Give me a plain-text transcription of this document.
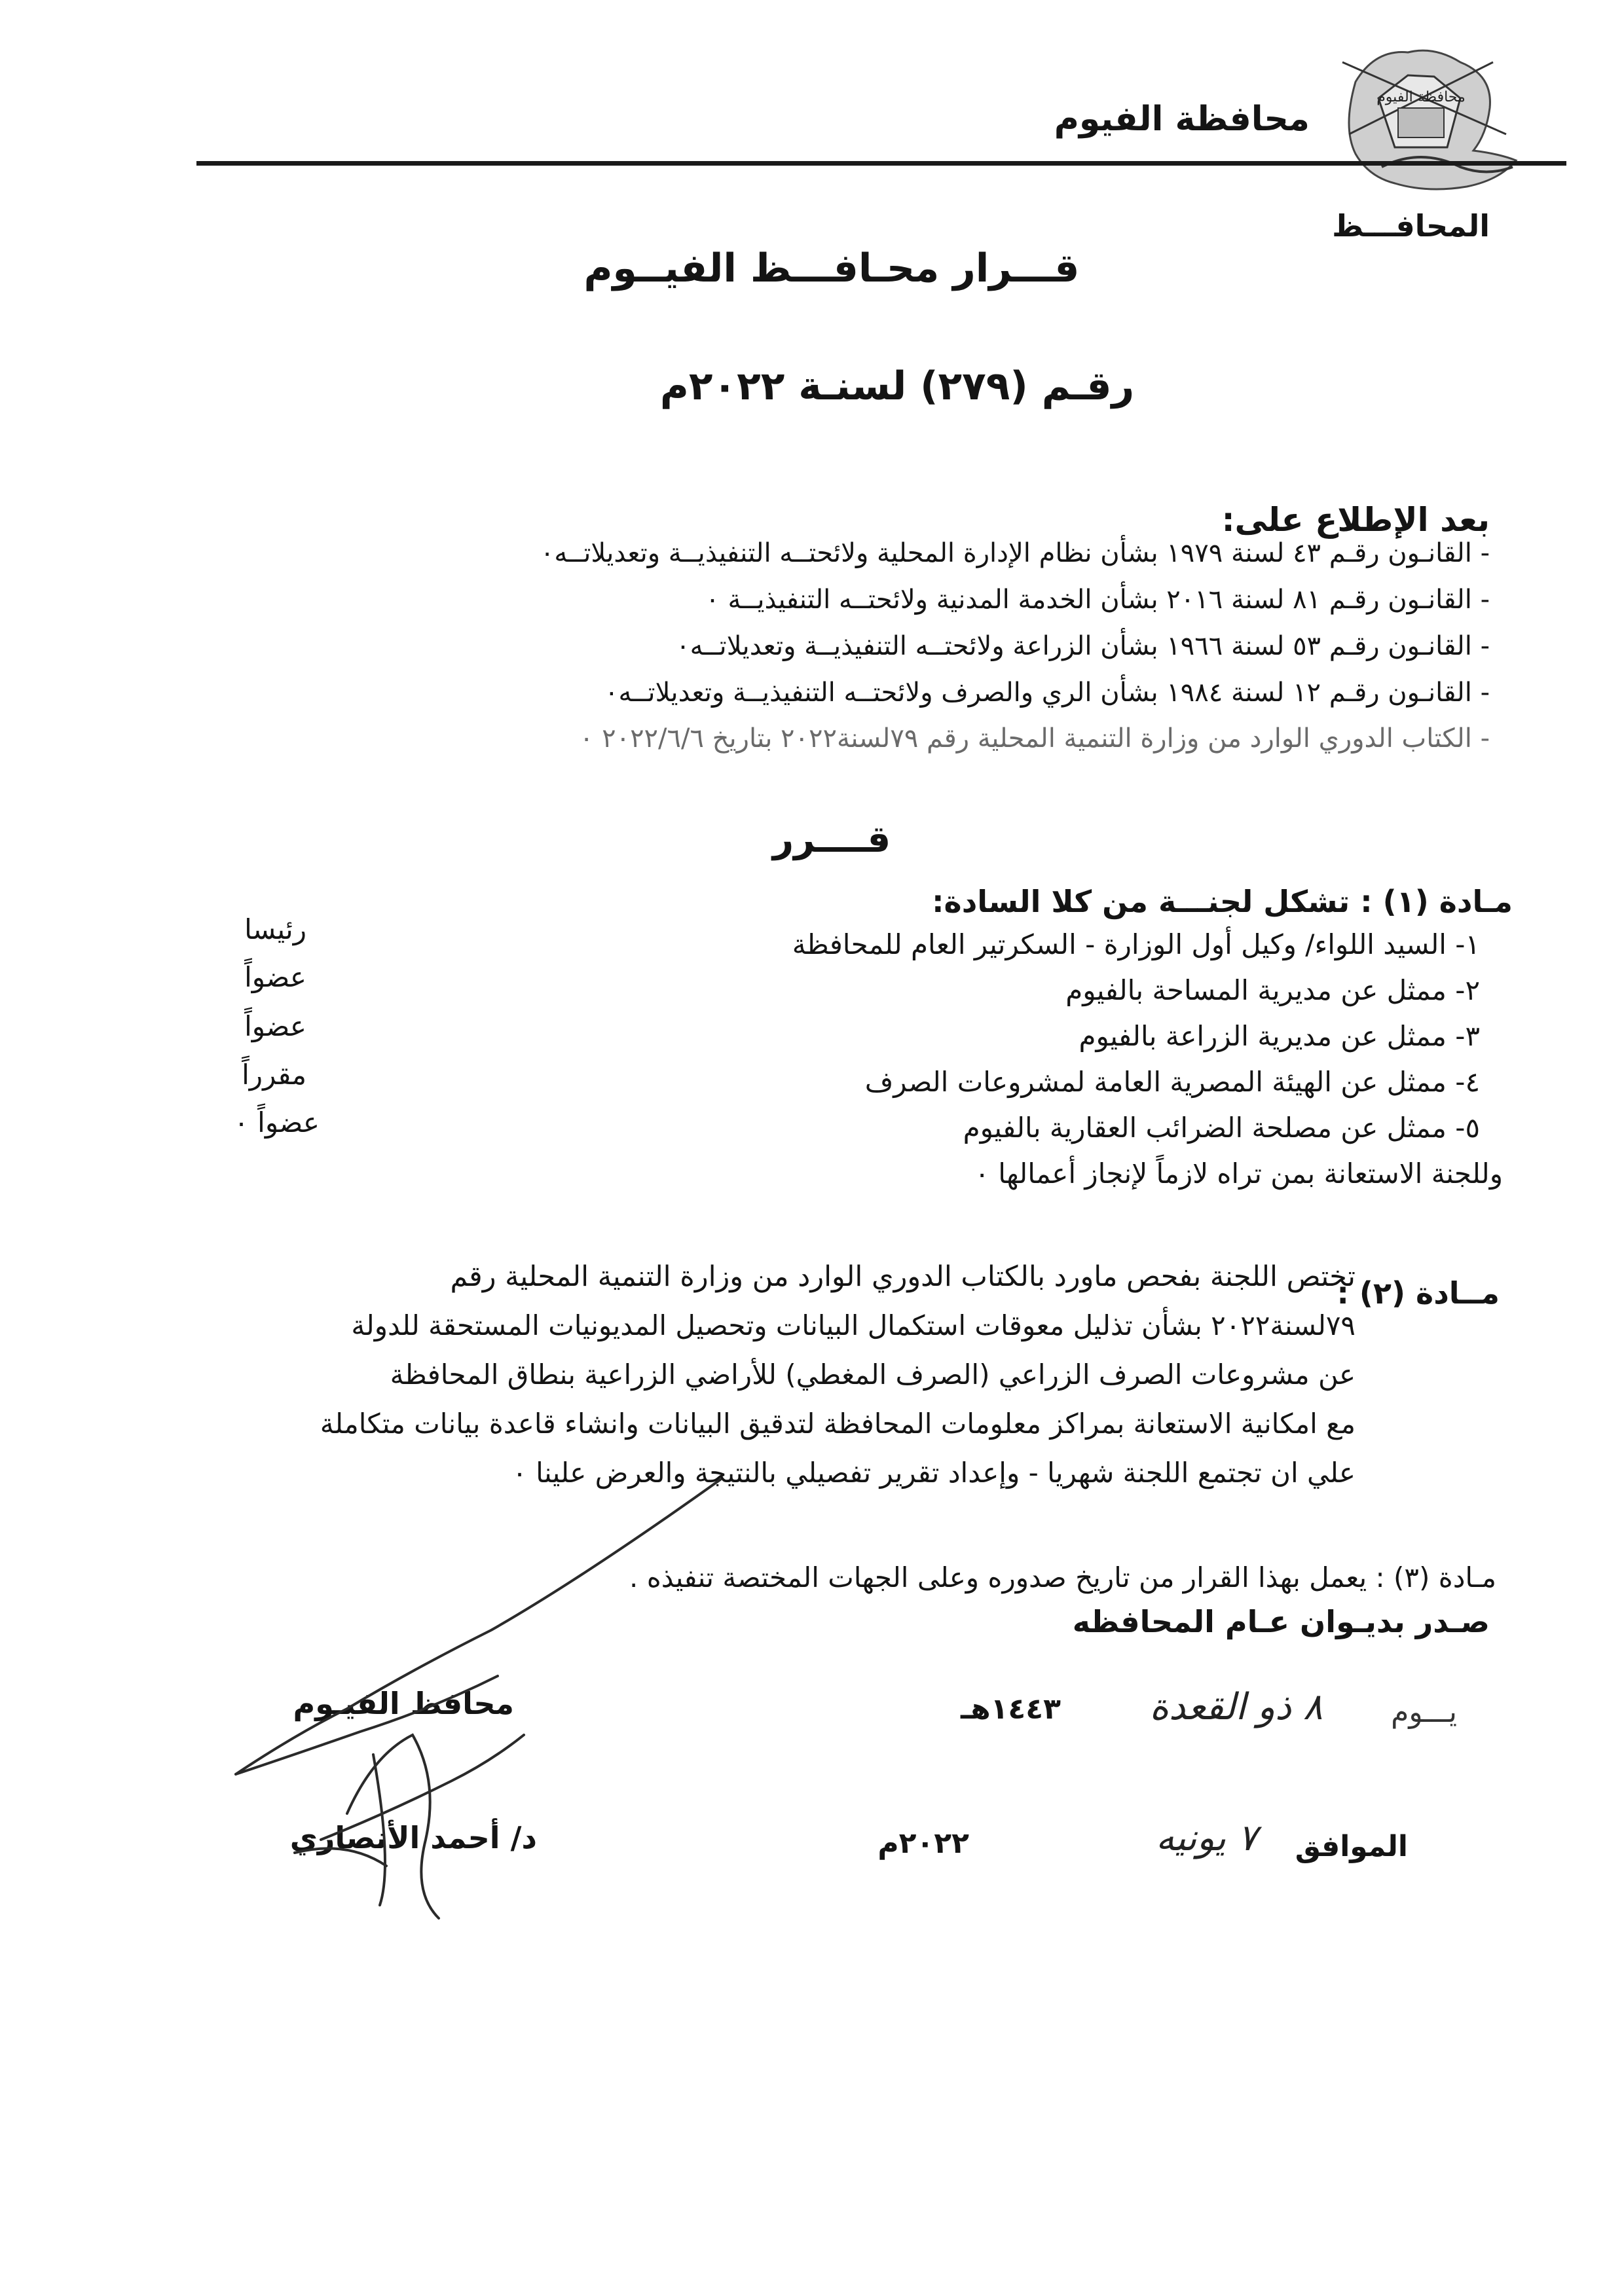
محافظة الفيوم
محافظة الفيوم
المحافـــظ
قـــرار محـافـــظ الفيــوم
رقـم (٢٧٩) لسنـة ٢٠٢٢م
بعد الإطلاع على:
- القانـون رقـم ٤٣ لسنة ١٩٧٩ بشأن نظام الإدارة المحلية ولائحتــه التنفيذيــة وتعديلاتــه٠
- القانـون رقـم ٨١ لسنة ٢٠١٦ بشأن الخدمة المدنية ولائحتــه التنفيذيــة ٠
- القانـون رقـم ٥٣ لسنة ١٩٦٦ بشأن الزراعة ولائحتــه التنفيذيــة وتعديلاتــه٠
- القانـون رقـم ١٢ لسنة ١٩٨٤ بشأن الري والصرف ولائحتــه التنفيذيــة وتعديلاتــه٠
- الكتاب الدوري الوارد من وزارة التنمية المحلية رقم ٧٩لسنة٢٠٢٢ بتاريخ ٢٠٢٢/٦/٦ ٠
قــــرر
مـادة (١) : تشكل لجنـــة من كلا السادة:
١- السيد اللواء/ وكيل أول الوزارة - السكرتير العام للمحافظة
رئيسا
٢- ممثل عن مديرية المساحة بالفيوم
عضواً
٣- ممثل عن مديرية الزراعة بالفيوم
عضواً
٤- ممثل عن الهيئة المصرية العامة لمشروعات الصرف
مقرراً
٥- ممثل عن مصلحة الضرائب العقارية بالفيوم
عضواً ٠
وللجنة الاستعانة بمن تراه لازماً لإنجاز أعمالها ٠
مــادة (٢) :
تختص اللجنة بفحص ماورد بالكتاب الدوري الوارد من وزارة التنمية المحلية رقم
٧٩لسنة٢٠٢٢ بشأن تذليل معوقات استكمال البيانات وتحصيل المديونيات المستحقة للدولة
عن مشروعات الصرف الزراعي (الصرف المغطي) للأراضي الزراعية بنطاق المحافظة
مع امكانية الاستعانة بمراكز معلومات المحافظة لتدقيق البيانات وانشاء قاعدة بيانات متكاملة
علي ان تجتمع اللجنة شهريا - وإعداد تقرير تفصيلي بالنتيجة والعرض علينا ٠
مـادة (٣) : يعمل بهذا القرار من تاريخ صدوره وعلى الجهات المختصة تنفيذه .
صـدر بديـوان عـام المحافظه
يـــوم
٨ ذو القعدة
١٤٤٣هـ
الموافق
٧ يونيه
٢٠٢٢م
محافظ الفيـوم
د/ أحمد الأنصاري
